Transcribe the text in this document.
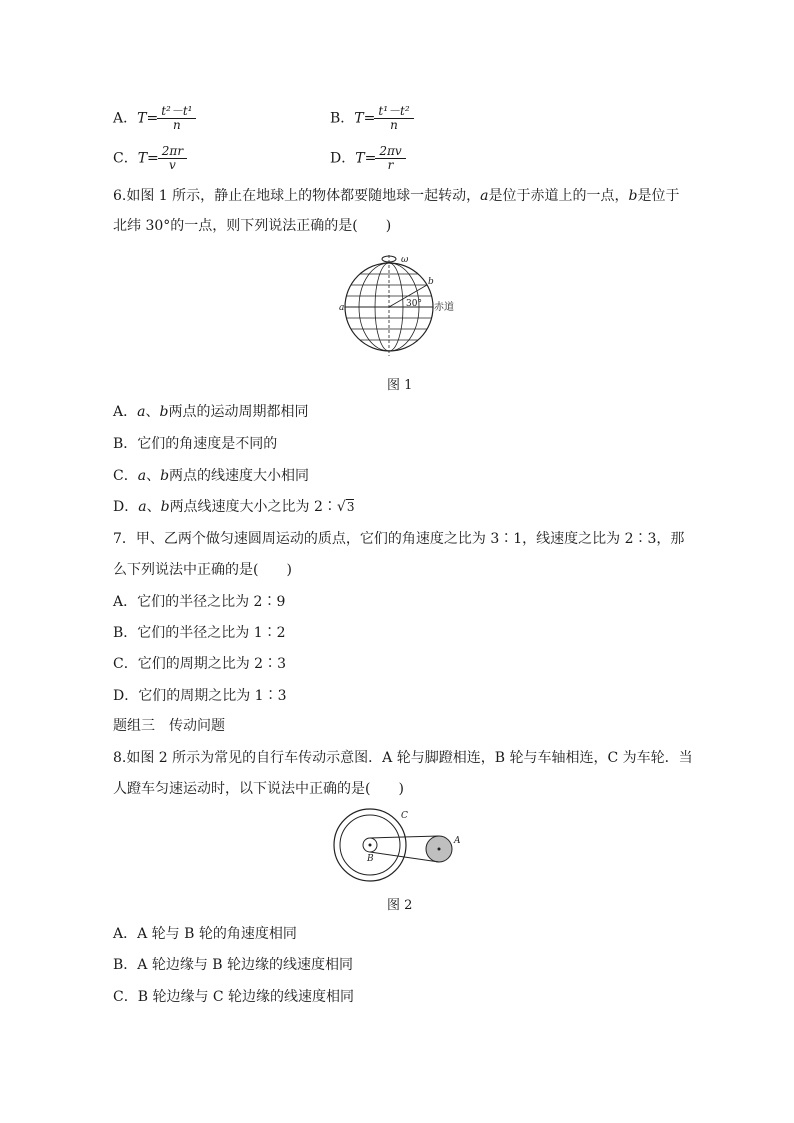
A．$T= \frac{\text{t²－t¹}}{n}$	B．$T= \frac{\text{t¹－t²}}{n}$
C．$T= \frac{2\pi r}{v}$	D．$T= \frac{2\pi v}{r}$
6.如图 1 所示，静止在地球上的物体都要随地球一起转动，a是位于赤道上的一点，b是位于
北纬 30°的一点，则下列说法正确的是(　　)
ω
30°
a
b
赤道
图 1
A．a、b两点的运动周期都相同
B．它们的角速度是不同的
C．a、b两点的线速度大小相同
D．a、b两点线速度大小之比为 2∶√3
7．甲、乙两个做匀速圆周运动的质点，它们的角速度之比为 3∶1，线速度之比为 2∶3，那
么下列说法中正确的是(　　)
A．它们的半径之比为 2∶9
B．它们的半径之比为 1∶2
C．它们的周期之比为 2∶3
D．它们的周期之比为 1∶3
题组三　传动问题
8.如图 2 所示为常见的自行车传动示意图．A 轮与脚蹬相连，B 轮与车轴相连，C 为车轮．当
人蹬车匀速运动时，以下说法中正确的是(　　)
C
B
A
图 2
A．A 轮与 B 轮的角速度相同
B．A 轮边缘与 B 轮边缘的线速度相同
C．B 轮边缘与 C 轮边缘的线速度相同
